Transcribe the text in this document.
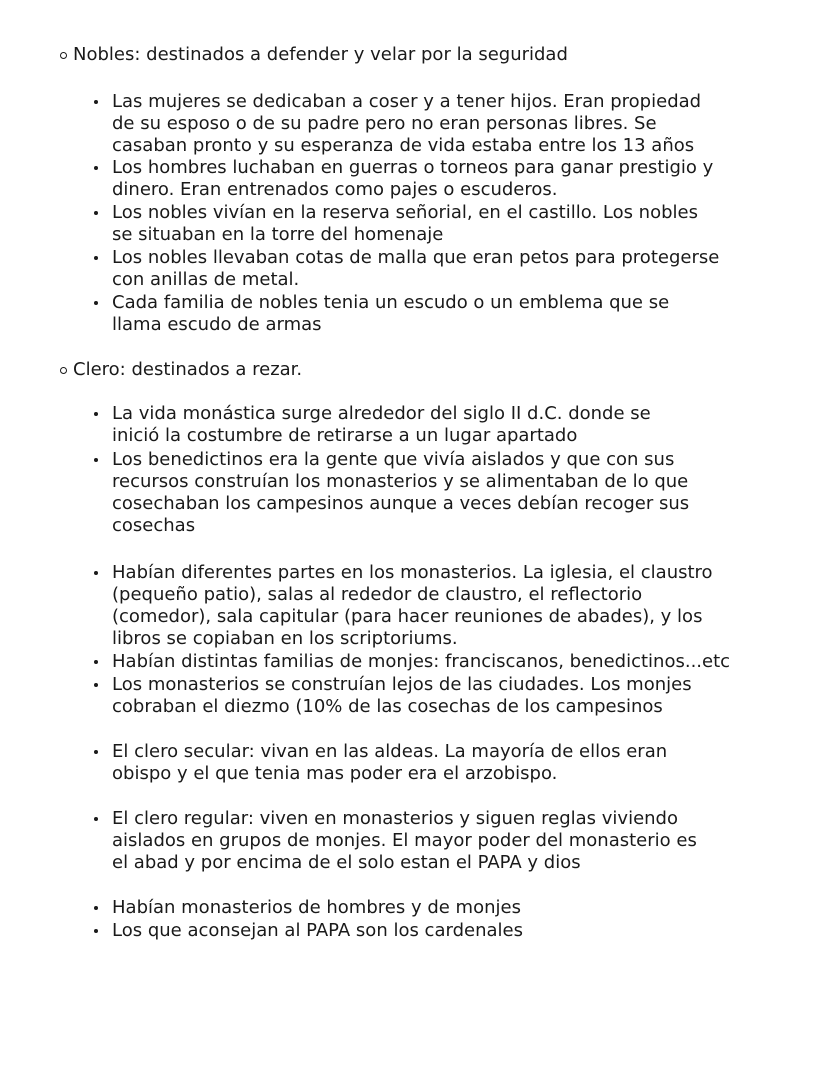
Nobles: destinados a defender y velar por la seguridad
Las mujeres se dedicaban a coser y a tener hijos. Eran propiedad
de su esposo o de su padre pero no eran personas libres. Se
casaban pronto y su esperanza de vida estaba entre los 13 años
Los hombres luchaban en guerras o torneos para ganar prestigio y
dinero. Eran entrenados como pajes o escuderos.
Los nobles vivían en la reserva señorial, en el castillo. Los nobles
se situaban en la torre del homenaje
Los nobles llevaban cotas de malla que eran petos para protegerse
con anillas de metal.
Cada familia de nobles tenia un escudo o un emblema que se
llama escudo de armas
Clero: destinados a rezar.
La vida monástica surge alrededor del siglo II d.C. donde se
inició la costumbre de retirarse a un lugar apartado
Los benedictinos era la gente que vivía aislados y que con sus
recursos construían los monasterios y se alimentaban de lo que
cosechaban los campesinos aunque a veces debían recoger sus
cosechas
Habían diferentes partes en los monasterios. La iglesia, el claustro
(pequeño patio), salas al rededor de claustro, el reflectorio
(comedor), sala capitular (para hacer reuniones de abades), y los
libros se copiaban en los scriptoriums.
Habían distintas familias de monjes: franciscanos, benedictinos...etc
Los monasterios se construían lejos de las ciudades. Los monjes
cobraban el diezmo (10% de las cosechas de los campesinos
El clero secular: vivan en las aldeas. La mayoría de ellos eran
obispo y el que tenia mas poder era el arzobispo.
El clero regular: viven en monasterios y siguen reglas viviendo
aislados en grupos de monjes. El mayor poder del monasterio es
el abad y por encima de el solo estan el PAPA y dios
Habían monasterios de hombres y de monjes
Los que aconsejan al PAPA son los cardenales
